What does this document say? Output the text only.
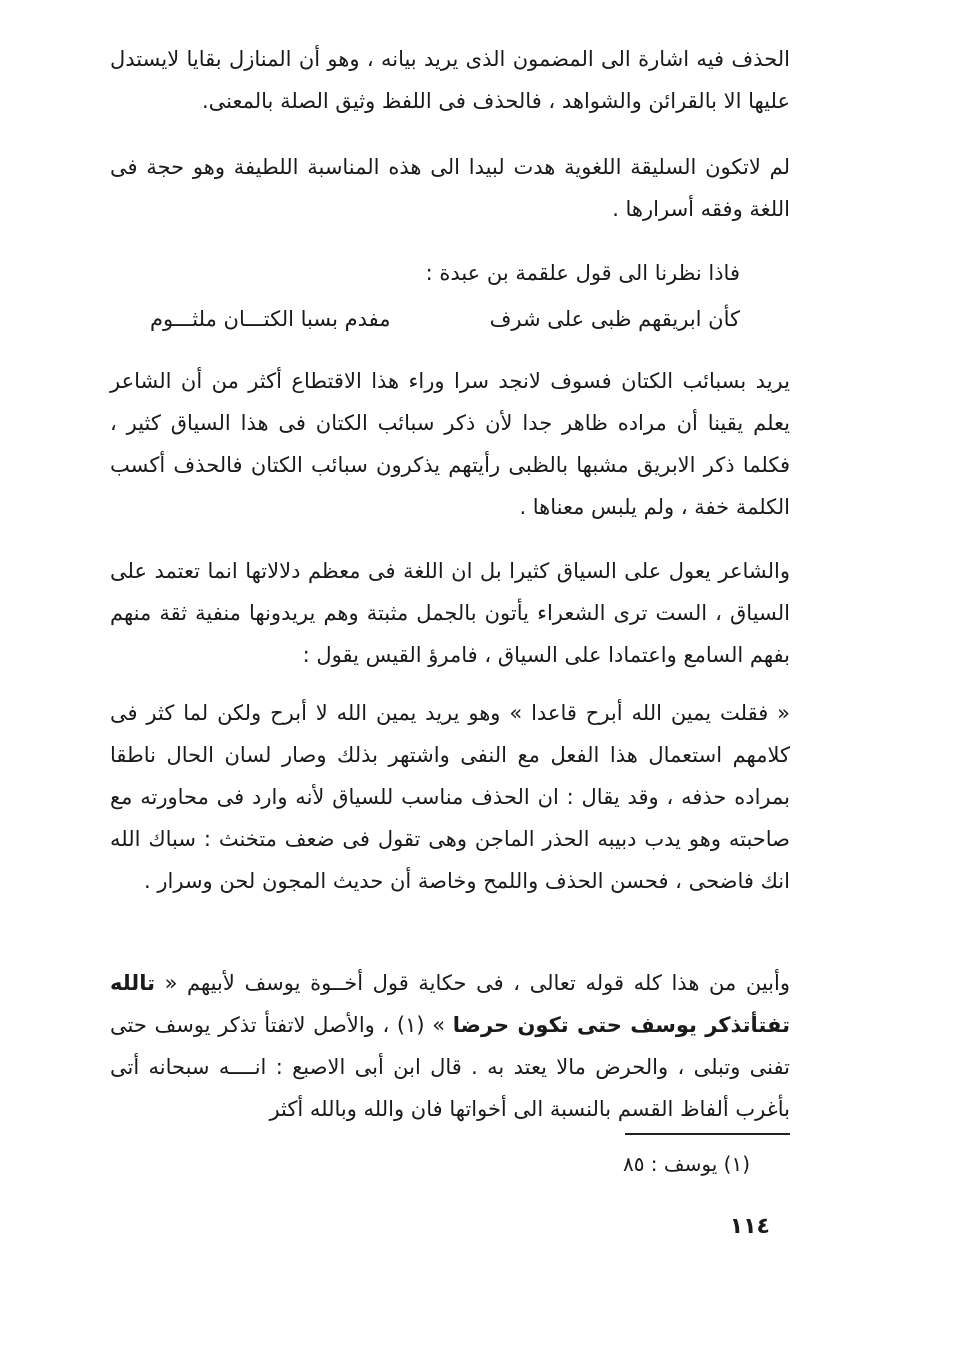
الحذف فيه اشارة الى المضمون الذى يريد بيانه ، وهو أن المنازل بقايا لايستدل عليها الا بالقرائن والشواهد ، فالحذف فى اللفظ وثيق الصلة بالمعنى.

لم لاتكون السليقة اللغوية هدت لبيدا الى هذه المناسبة اللطيفة وهو حجة فى اللغة وفقه أسرارها .

فاذا نظرنا الى قول علقمة بن عبدة :

كأن ابريقهم ظبى على شرف
مفدم بسبا الكتـــان ملثـــوم

يريد بسبائب الكتان فسوف لانجد سرا وراء هذا الاقتطاع أكثر من أن الشاعر يعلم يقينا أن مراده ظاهر جدا لأن ذكر سبائب الكتان فى هذا السياق كثير ، فكلما ذكر الابريق مشبها بالظبى رأيتهم يذكرون سبائب الكتان فالحذف أكسب الكلمة خفة ، ولم يلبس معناها .

والشاعر يعول على السياق كثيرا بل ان اللغة فى معظم دلالاتها انما تعتمد على السياق ، الست ترى الشعراء يأتون بالجمل مثبتة وهم يريدونها منفية ثقة منهم بفهم السامع واعتمادا على السياق ، فامرؤ القيس يقول :

« فقلت يمين الله أبرح قاعدا » وهو يريد يمين الله لا أبرح ولكن لما كثر فى كلامهم استعمال هذا الفعل مع النفى واشتهر بذلك وصار لسان الحال ناطقا بمراده حذفه ، وقد يقال : ان الحذف مناسب للسياق لأنه وارد فى محاورته مع صاحبته وهو يدب دبيبه الحذر الماجن وهى تقول فى ضعف متخنث : سباك الله انك فاضحى ، فحسن الحذف واللمح وخاصة أن حديث المجون لحن وسرار .

وأبين من هذا كله قوله تعالى ، فى حكاية قول أخــوة يوسف لأبيهم « تالله تفتأتذكر يوسف حتى تكون حرضا » (١) ، والأصل لاتفتأ تذكر يوسف حتى تفنى وتبلى ، والحرض مالا يعتد به . قال ابن أبى الاصبع : انــــه سبحانه أتى بأغرب ألفاظ القسم بالنسبة الى أخواتها فان والله وبالله أكثر

(١) يوسف : ٨٥
١١٤
